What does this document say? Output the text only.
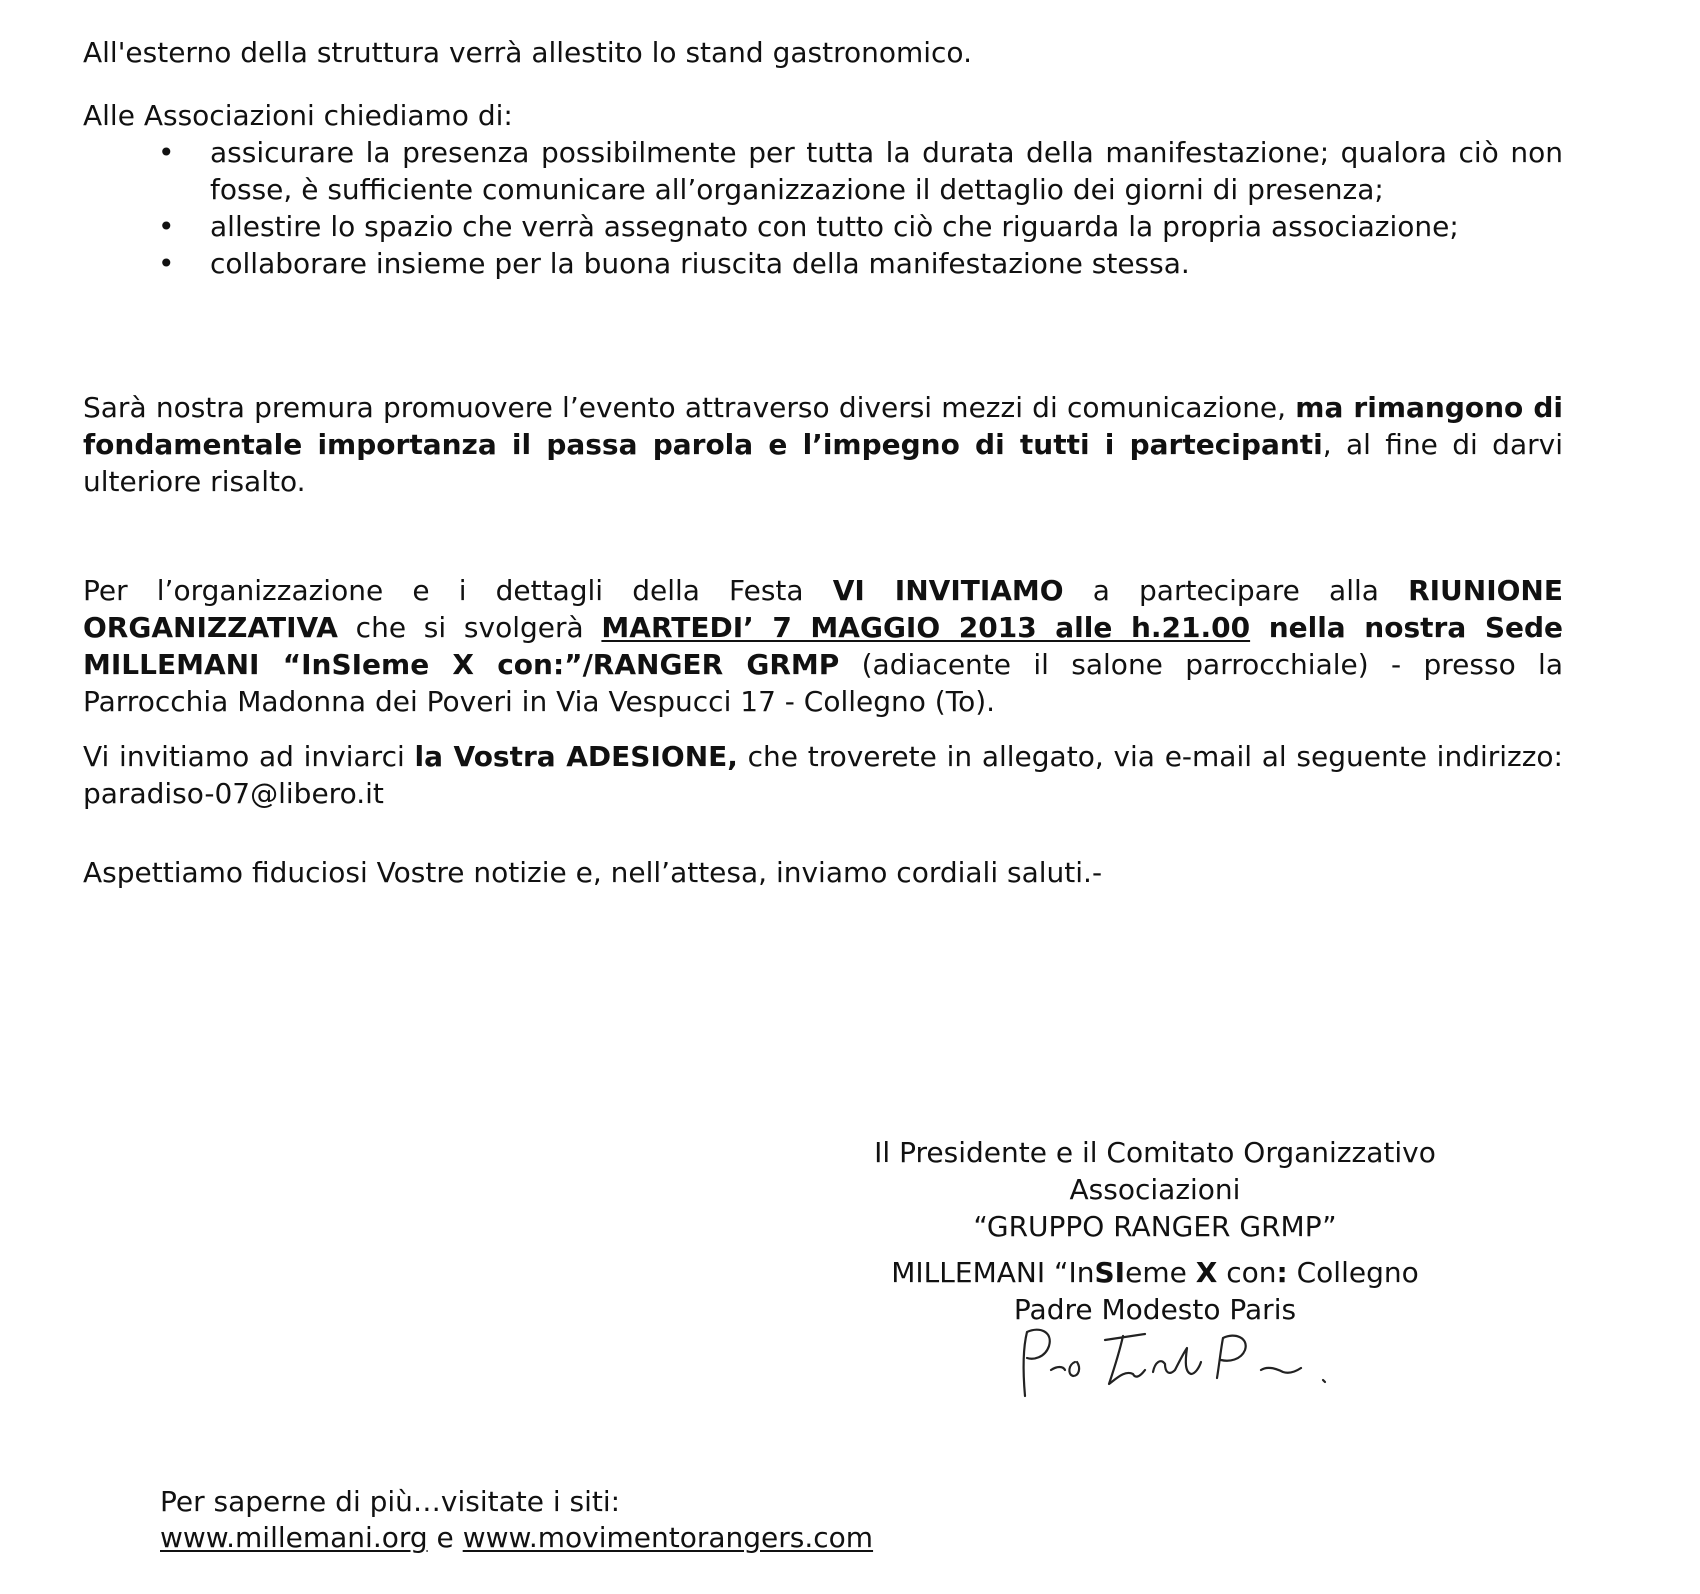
All'esterno della struttura verrà allestito lo stand gastronomico.

Alle Associazioni chiediamo di:

• assicurare la presenza possibilmente per tutta la durata della manifestazione; qualora ciò non fosse, è sufficiente comunicare all’organizzazione il dettaglio dei giorni di presenza;
• allestire lo spazio che verrà assegnato con tutto ciò che riguarda la propria associazione;
• collaborare insieme per la buona riuscita della manifestazione stessa.

Sarà nostra premura promuovere l’evento attraverso diversi mezzi di comunicazione, ma rimangono di fondamentale importanza il passa parola e l’impegno di tutti i partecipanti, al fine di darvi ulteriore risalto.

Per l’organizzazione e i dettagli della Festa VI INVITIAMO a partecipare alla RIUNIONE ORGANIZZATIVA che si svolgerà MARTEDI’ 7 MAGGIO 2013 alle h.21.00 nella nostra Sede MILLEMANI “InSIeme X con:”/RANGER GRMP (adiacente il salone parrocchiale) - presso la Parrocchia Madonna dei Poveri in Via Vespucci 17 - Collegno (To).

Vi invitiamo ad inviarci la Vostra ADESIONE, che troverete in allegato, via e-mail al seguente indirizzo: paradiso-07@libero.it

Aspettiamo fiduciosi Vostre notizie e, nell’attesa, inviamo cordiali saluti.-

Il Presidente e il Comitato Organizzativo

Associazioni

“GRUPPO RANGER GRMP”

MILLEMANI “InSIeme X con: Collegno

Padre Modesto Paris

Per saperne di più…visitate i siti:

www.millemani.org e www.movimentorangers.com
